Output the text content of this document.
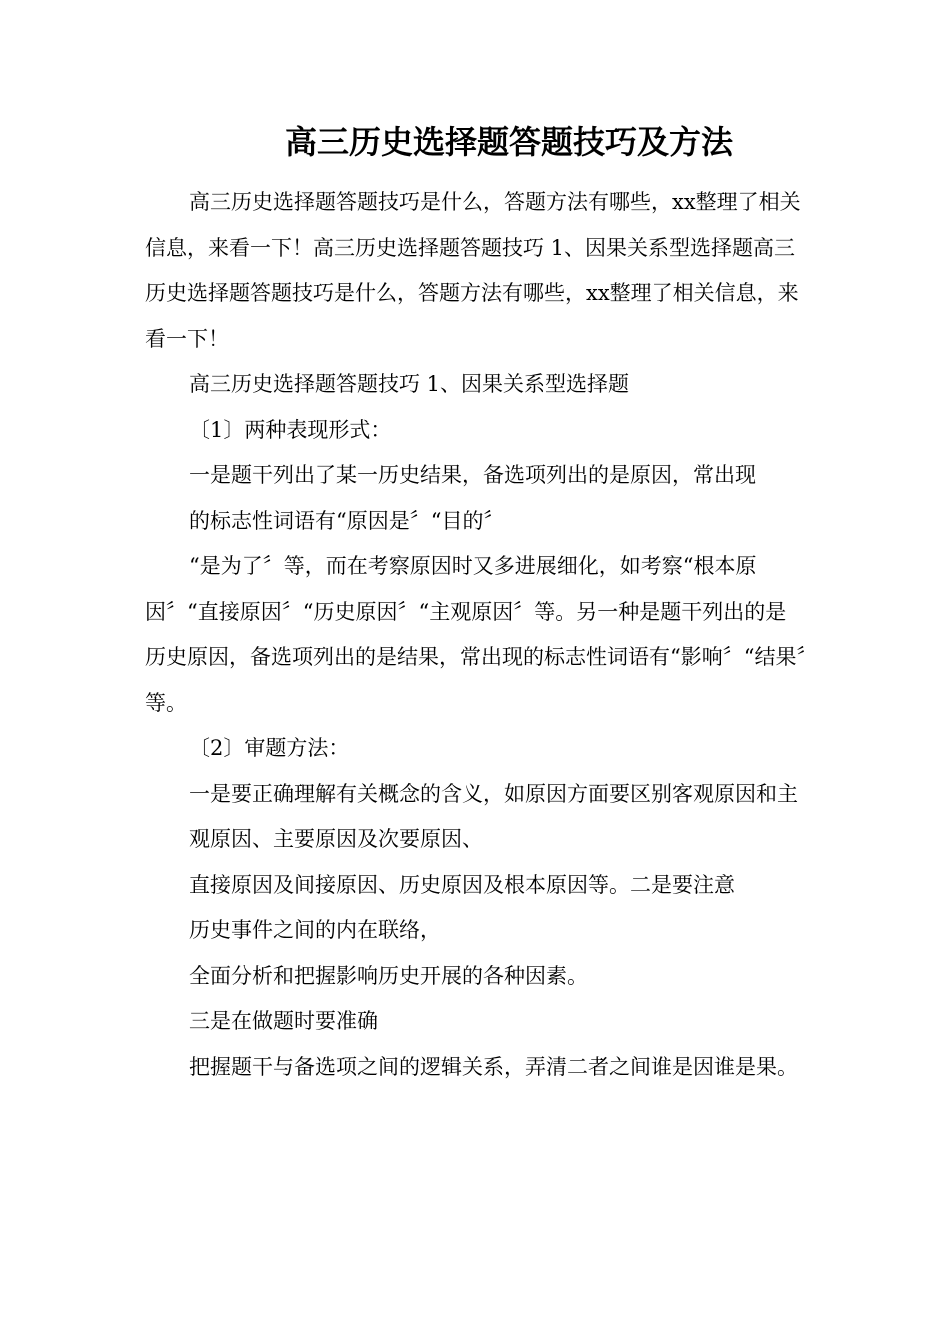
高三历史选择题答题技巧及方法

高三历史选择题答题技巧是什么，答题方法有哪些，xx整理了相关信息，来看一下！高三历史选择题答题技巧 1、因果关系型选择题高三历史选择题答题技巧是什么，答题方法有哪些，xx整理了相关信息，来看一下！

高三历史选择题答题技巧 1、因果关系型选择题

〔1〕两种表现形式：

一是题干列出了某一历史结果，备选项列出的是原因，常出现

的标志性词语有“原因是〞“目的〞

“是为了〞等，而在考察原因时又多进展细化，如考察“根本原因〞“直接原因〞“历史原因〞“主观原因〞等。另一种是题干列出的是历史原因，备选项列出的是结果，常出现的标志性词语有“影响〞“结果〞等。

〔2〕审题方法：

一是要正确理解有关概念的含义，如原因方面要区别客观原因和主

观原因、主要原因及次要原因、

直接原因及间接原因、历史原因及根本原因等。二是要注意

历史事件之间的内在联络，

全面分析和把握影响历史开展的各种因素。

三是在做题时要准确

把握题干与备选项之间的逻辑关系，弄清二者之间谁是因谁是果。
